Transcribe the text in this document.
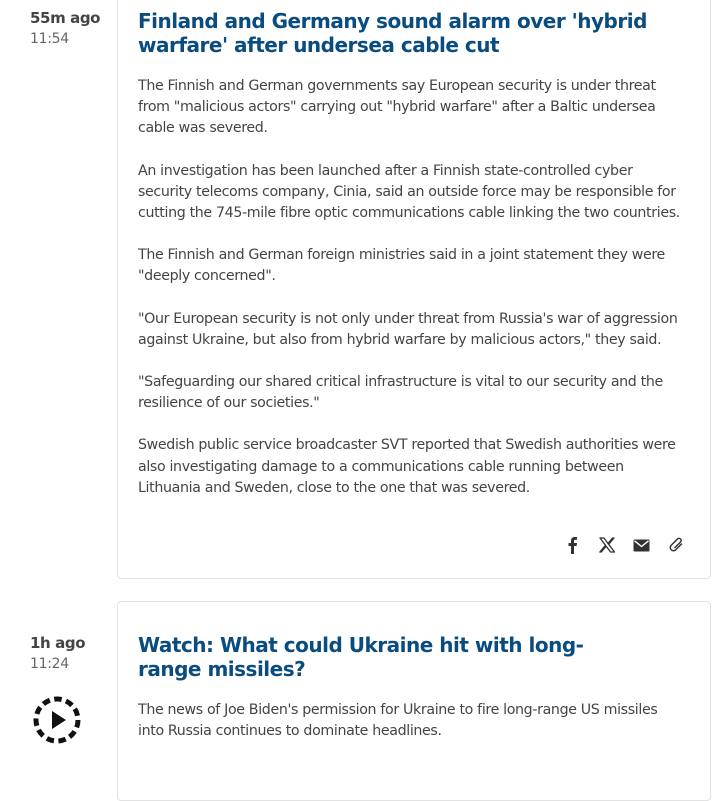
55m ago
11:54
Finland and Germany sound alarm over 'hybrid warfare' after undersea cable cut

The Finnish and German governments say European security is under threat from "malicious actors" carrying out "hybrid warfare" after a Baltic undersea cable was severed.

An investigation has been launched after a Finnish state-controlled cyber security telecoms company, Cinia, said an outside force may be responsible for cutting the 745-mile fibre optic communications cable linking the two countries.

The Finnish and German foreign ministries said in a joint statement they were "deeply concerned".

"Our European security is not only under threat from Russia's war of aggression against Ukraine, but also from hybrid warfare by malicious actors," they said.

"Safeguarding our shared critical infrastructure is vital to our security and the resilience of our societies."

Swedish public service broadcaster SVT reported that Swedish authorities were also investigating damage to a communications cable running between Lithuania and Sweden, close to the one that was severed.

1h ago
11:24
Watch: What could Ukraine hit with long-range missiles?

The news of Joe Biden's permission for Ukraine to fire long-range US missiles into Russia continues to dominate headlines.
